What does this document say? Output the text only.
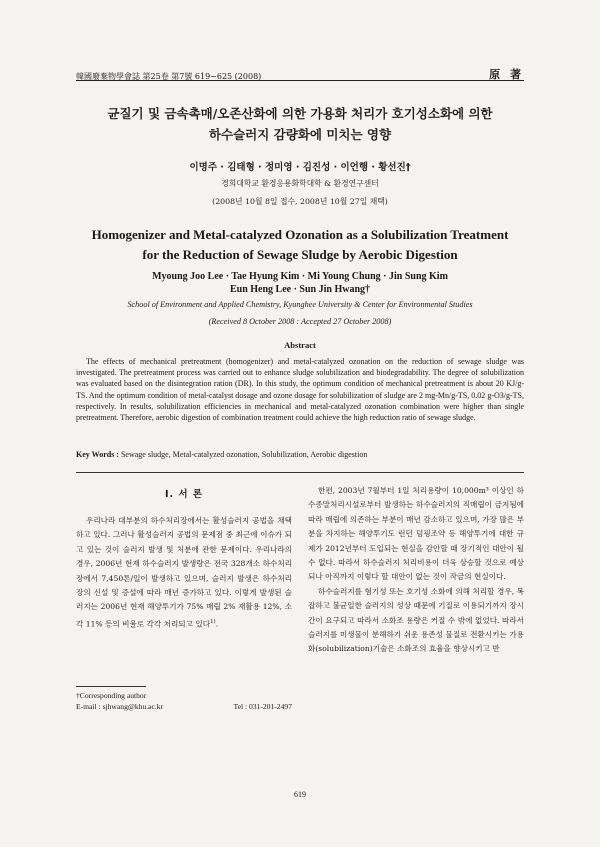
韓國廢棄物學會誌 第25卷 第7號 619~625 (2008)	原 著
균질기 및 금속촉매/오존산화에 의한 가용화 처리가 호기성소화에 의한
하수슬러지 감량화에 미치는 영향
이명주 · 김태형 · 정미영 · 김진성 · 이언행 · 황선진†
경희대학교 환경응용화학대학 & 환경연구센터
(2008년 10월 8일 접수, 2008년 10월 27일 채택)
Homogenizer and Metal-catalyzed Ozonation as a Solubilization Treatment
for the Reduction of Sewage Sludge by Aerobic Digestion
Myoung Joo Lee · Tae Hyung Kim · Mi Young Chung · Jin Sung Kim
Eun Heng Lee · Sun Jin Hwang†
School of Environment and Applied Chemistry, Kyunghee University & Center for Environmental Studies
(Received 8 October 2008 : Accepted 27 October 2008)
Abstract
The effects of mechanical pretreatment (homogenizer) and metal-catalyzed ozonation on the reduction of sewage sludge was investigated. The pretreatment process was carried out to enhance sludge solubilization and biodegradability. The degree of solubilization was evaluated based on the disintegration ration (DR). In this study, the optimum condition of mechanical pretreatment is about 20 KJ/g-TS. And the optimum condition of metal-catalyst dosage and ozone dosage for solubilization of sludge are 2 mg-Mn/g-TS, 0.02 g-O3/g-TS, respectively. In results, solubilization efficiencies in mechanical and metal-catalyzed ozonation combination were higher than single pretreatment. Therefore, aerobic digestion of combination treatment could achieve the high reduction ratio of sewage sludge.
Key Words : Sewage sludge, Metal-catalyzed ozonation, Solubilization, Aerobic digestion
I. 서 론

우리나라 대부분의 하수처리장에서는 활성슬러지 공법을 채택하고 있다. 그러나 활성슬러지 공법의 문제점 중 최근에 이슈가 되고 있는 것이 슬러지 발생 및 처분에 관한 문제이다. 우리나라의 경우, 2006년 현재 하수슬러지 발생량은 전국 328개소 하수처리장에서 7,450톤/일이 발생하고 있으며, 슬러지 발생은 하수처리장의 신설 및 증설에 따라 매년 증가하고 있다. 이렇게 발생된 슬러지는 2006년 현재 해양투기가 75% 매립 2% 재활용 12%, 소각 11% 등의 비율로 각각 처리되고 있다$^{1)}$.

한편, 2003년 7월부터 1일 처리용량이 10,000m³ 이상인 하수종말처리시설로부터 발생하는 하수슬러지의 직매립이 금지됨에 따라 매립에 의존하는 부분이 매년 감소하고 있으며, 가장 많은 부분을 차지하는 해양투기도 런던 덤핑조약 등 해양투기에 대한 규제가 2012년부터 도입되는 현실을 감안할 때 장기적인 대안이 될 수 없다. 따라서 하수슬러지 처리비용이 더욱 상승할 것으로 예상되나 아직까지 이렇다 할 대안이 없는 것이 작금의 현실이다.

하수슬러지를 혐기성 또는 호기성 소화에 의해 처리할 경우, 복잡하고 불균일한 슬러지의 성상 때문에 기질로 이용되기까지 장시간이 요구되고 따라서 소화조 용량은 커질 수 밖에 없었다. 따라서 슬러지를 미생물이 분해하기 쉬운 용존성 물질로 전환시키는 가용화(solubilization)기술은 소화조의 효율을 향상시키고 반

†Corresponding author
E-mail : sjhwang@khu.ac.kr	Tel : 031-201-2497
619
